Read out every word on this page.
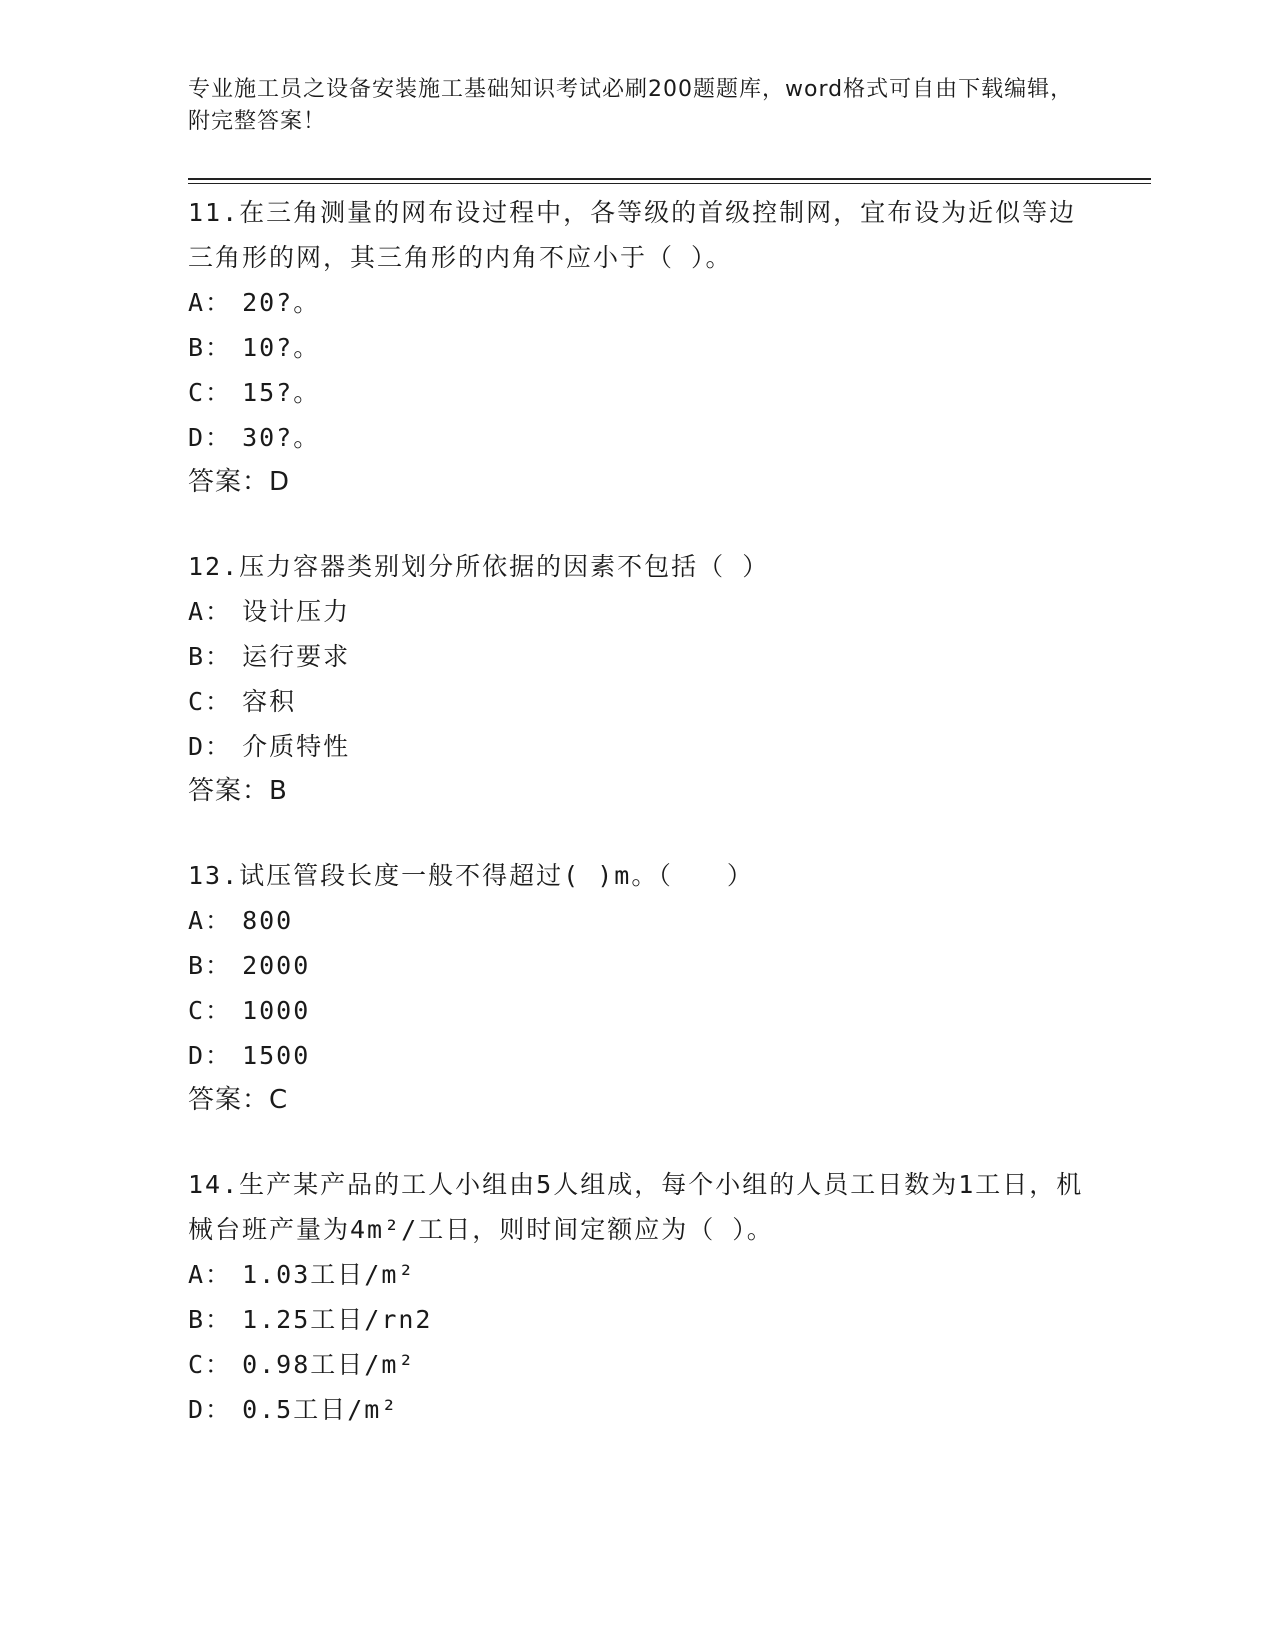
专业施工员之设备安装施工基础知识考试必刷200题题库，word格式可自由下载编辑，附完整答案！

11.在三角测量的网布设过程中，各等级的首级控制网，宜布设为近似等边三角形的网，其三角形的内角不应小于（ ）。

A： 20?。

B： 10?。

C： 15?。

D： 30?。

答案：D

12.压力容器类别划分所依据的因素不包括（ ）

A： 设计压力

B： 运行要求

C： 容积

D： 介质特性

答案：B

13.试压管段长度一般不得超过( )m。（　　）

A： 800

B： 2000

C： 1000

D： 1500

答案：C

14.生产某产品的工人小组由5人组成，每个小组的人员工日数为1工日，机械台班产量为4m²/工日，则时间定额应为（ ）。

A： 1.03工日/m²

B： 1.25工日/rn2

C： 0.98工日/m²

D： 0.5工日/m²
